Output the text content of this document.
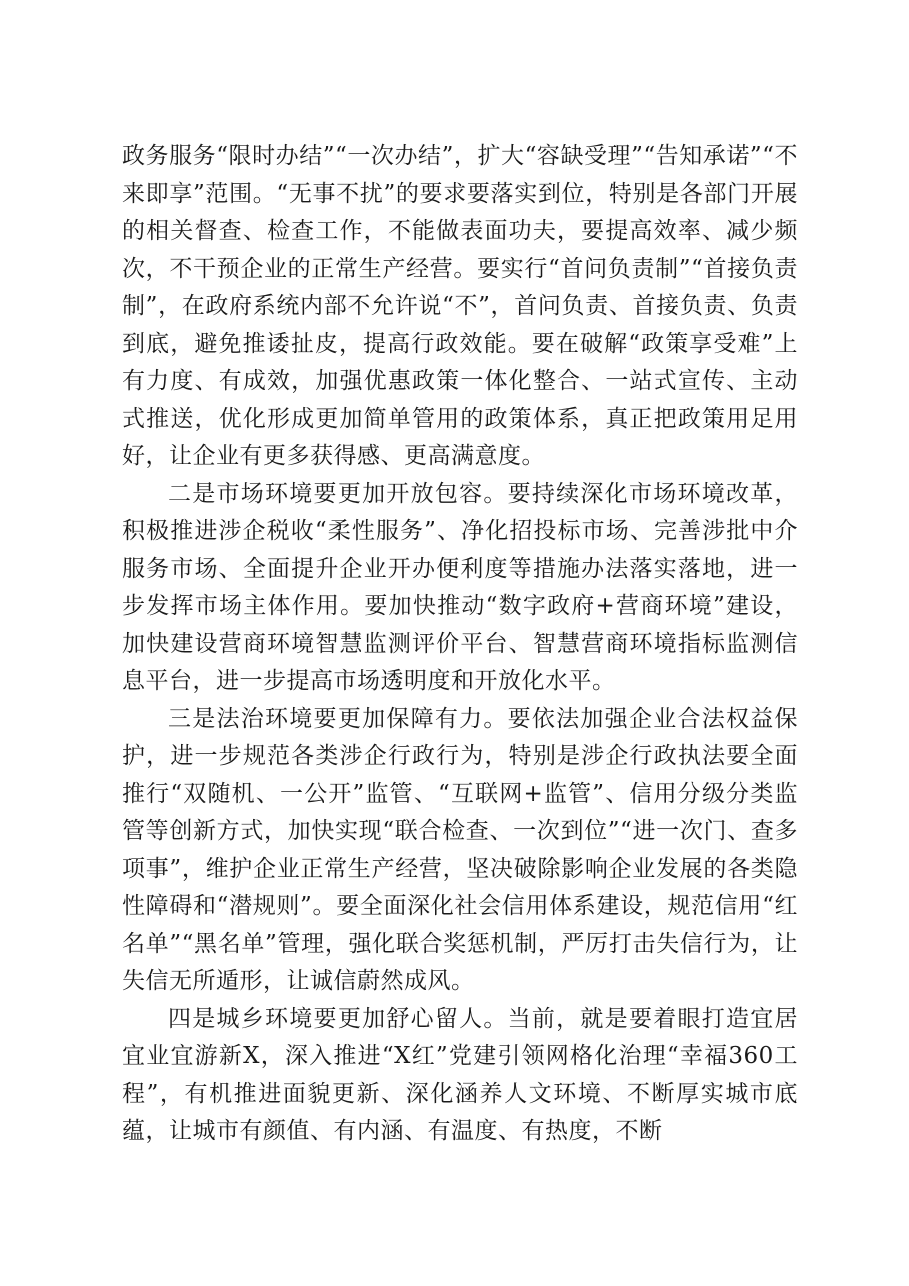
政务服务“限时办结”“一次办结”，扩大“容缺受理”“告知承诺”“不来即享”范围。“无事不扰”的要求要落实到位，特别是各部门开展的相关督查、检查工作，不能做表面功夫，要提高效率、减少频次，不干预企业的正常生产经营。要实行“首问负责制”“首接负责制”，在政府系统内部不允许说“不”，首问负责、首接负责、负责到底，避免推诿扯皮，提高行政效能。要在破解“政策享受难”上有力度、有成效，加强优惠政策一体化整合、一站式宣传、主动式推送，优化形成更加简单管用的政策体系，真正把政策用足用好，让企业有更多获得感、更高满意度。

二是市场环境要更加开放包容。要持续深化市场环境改革，积极推进涉企税收“柔性服务”、净化招投标市场、完善涉批中介服务市场、全面提升企业开办便利度等措施办法落实落地，进一步发挥市场主体作用。要加快推动“数字政府+营商环境”建设，加快建设营商环境智慧监测评价平台、智慧营商环境指标监测信息平台，进一步提高市场透明度和开放化水平。

三是法治环境要更加保障有力。要依法加强企业合法权益保护，进一步规范各类涉企行政行为，特别是涉企行政执法要全面推行“双随机、一公开”监管、“互联网+监管”、信用分级分类监管等创新方式，加快实现“联合检查、一次到位”“进一次门、查多项事”，维护企业正常生产经营，坚决破除影响企业发展的各类隐性障碍和“潜规则”。要全面深化社会信用体系建设，规范信用“红名单”“黑名单”管理，强化联合奖惩机制，严厉打击失信行为，让失信无所遁形，让诚信蔚然成风。

四是城乡环境要更加舒心留人。当前，就是要着眼打造宜居宜业宜游新X，深入推进“X红”党建引领网格化治理“幸福360工程”，有机推进面貌更新、深化涵养人文环境、不断厚实城市底蕴，让城市有颜值、有内涵、有温度、有热度，不断
